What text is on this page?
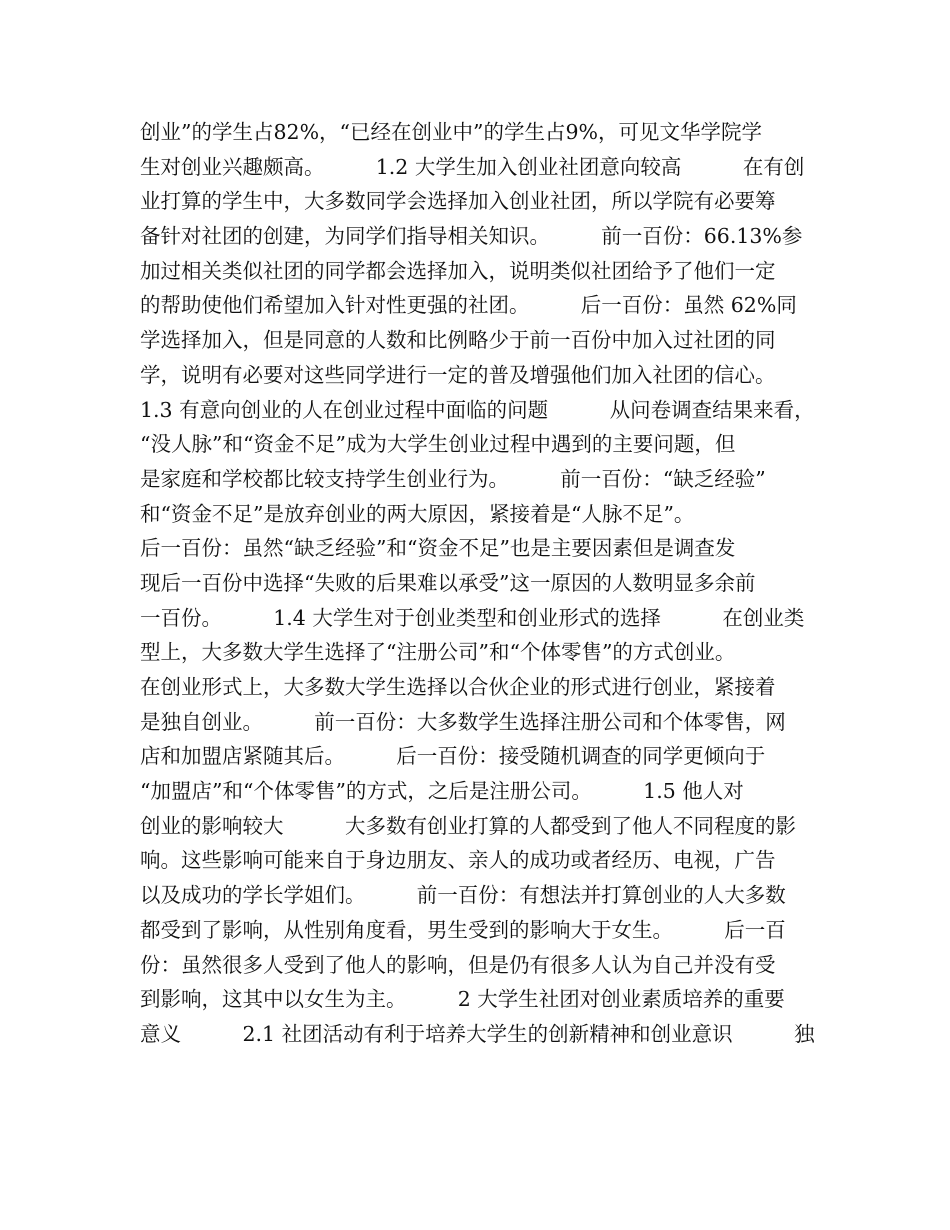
创业”的学生占82%，“已经在创业中”的学生占9%，可见文华学院学
生对创业兴趣颇高。　　　1.2 大学生加入创业社团意向较高　　　在有创
业打算的学生中，大多数同学会选择加入创业社团，所以学院有必要筹
备针对社团的创建，为同学们指导相关知识。　　　前一百份：66.13%参
加过相关类似社团的同学都会选择加入，说明类似社团给予了他们一定
的帮助使他们希望加入针对性更强的社团。　　　后一百份：虽然 62%同
学选择加入，但是同意的人数和比例略少于前一百份中加入过社团的同
学，说明有必要对这些同学进行一定的普及增强他们加入社团的信心。
1.3 有意向创业的人在创业过程中面临的问题　　　从问卷调查结果来看，
“没人脉”和“资金不足”成为大学生创业过程中遇到的主要问题，但
是家庭和学校都比较支持学生创业行为。　　　前一百份：“缺乏经验”
和“资金不足”是放弃创业的两大原因，紧接着是“人脉不足”。
后一百份：虽然“缺乏经验”和“资金不足”也是主要因素但是调查发
现后一百份中选择“失败的后果难以承受”这一原因的人数明显多余前
一百份。　　　1.4 大学生对于创业类型和创业形式的选择　　　在创业类
型上，大多数大学生选择了“注册公司”和“个体零售”的方式创业。
在创业形式上，大多数大学生选择以合伙企业的形式进行创业，紧接着
是独自创业。　　　前一百份：大多数学生选择注册公司和个体零售，网
店和加盟店紧随其后。　　　后一百份：接受随机调查的同学更倾向于
“加盟店”和“个体零售”的方式，之后是注册公司。　　　1.5 他人对
创业的影响较大　　　大多数有创业打算的人都受到了他人不同程度的影
响。这些影响可能来自于身边朋友、亲人的成功或者经历、电视，广告
以及成功的学长学姐们。　　　前一百份：有想法并打算创业的人大多数
都受到了影响，从性别角度看，男生受到的影响大于女生。　　　后一百
份：虽然很多人受到了他人的影响，但是仍有很多人认为自己并没有受
到影响，这其中以女生为主。　　　2 大学生社团对创业素质培养的重要
意义　　　2.1 社团活动有利于培养大学生的创新精神和创业意识　　　独
